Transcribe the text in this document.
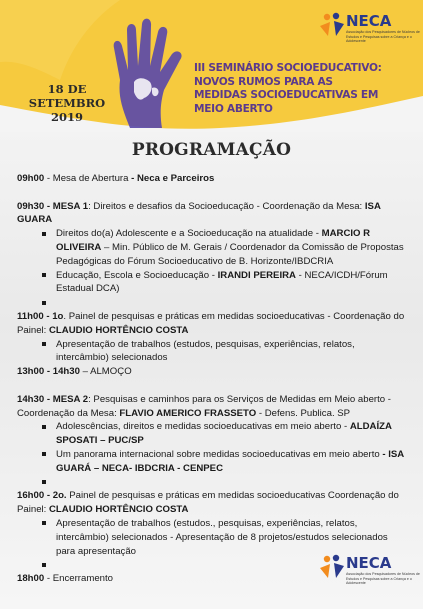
18 DE SETEMBRO
2019
III SEMINÁRIO SOCIOEDUCATIVO: NOVOS RUMOS PARA AS MEDIDAS SOCIOEDUCATIVAS EM MEIO ABERTO
NECA
Associação dos Pesquisadores de Núcleos de Estudos e Pesquisas sobre a Criança e o Adolescente
PROGRAMAÇÃO

09h00 - Mesa de Abertura - Neca e Parceiros

09h30 - MESA 1: Direitos e desafios da Socioeducação - Coordenação da Mesa: ISA GUARA

Direitos do(a) Adolescente e a Socioeducação na atualidade - MARCIO R OLIVEIRA – Min. Público de M. Gerais / Coordenador da Comissão de Propostas Pedagógicas do Fórum Socioeducativo de B. Horizonte/IBDCRIA
Educação, Escola e Socioeducação - IRANDI PEREIRA - NECA/ICDH/Fórum Estadual DCA)

11h00 - 1o. Painel de pesquisas e práticas em medidas socioeducativas - Coordenação do Painel: CLAUDIO HORTÊNCIO COSTA

Apresentação de trabalhos (estudos, pesquisas, experiências, relatos, intercâmbio) selecionados

13h00 - 14h30 – ALMOÇO

14h30 - MESA 2: Pesquisas e caminhos para os Serviços de Medidas em Meio aberto - Coordenação da Mesa: FLAVIO AMERICO FRASSETO - Defens. Publica. SP

Adolescências, direitos e medidas socioeducativas em meio aberto - ALDAÍZA SPOSATI – PUC/SP
Um panorama internacional sobre medidas socioeducativas em meio aberto - ISA GUARÁ – NECA- IBDCRIA - CENPEC

16h00 - 2o. Painel de pesquisas e práticas em medidas socioeducativas Coordenação do Painel: CLAUDIO HORTÊNCIO COSTA

Apresentação de trabalhos (estudos., pesquisas, experiências, relatos, intercâmbio) selecionados - Apresentação de 8 projetos/estudos selecionados para apresentação

18h00 - Encerramento

NECA
Associação dos Pesquisadores de Núcleos de Estudos e Pesquisas sobre a Criança e o Adolescente
